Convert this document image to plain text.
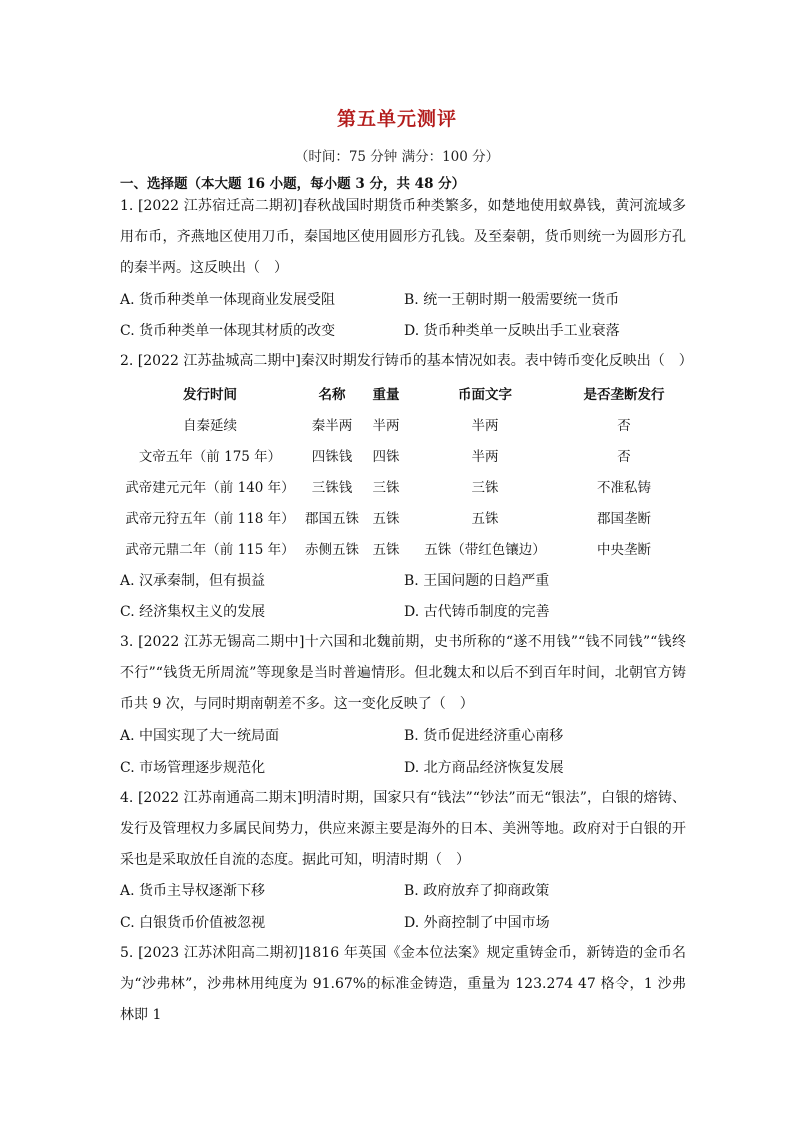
第五单元测评
（时间：75 分钟 满分：100 分）
一、选择题（本大题 16 小题，每小题 3 分，共 48 分）
1. [2022 江苏宿迁高二期初]春秋战国时期货币种类繁多，如楚地使用蚁鼻钱，黄河流域多用布币，齐燕地区使用刀币，秦国地区使用圆形方孔钱。及至秦朝，货币则统一为圆形方孔的秦半两。这反映出（　）
A. 货币种类单一体现商业发展受阻	B. 统一王朝时期一般需要统一货币
C. 货币种类单一体现其材质的改变	D. 货币种类单一反映出手工业衰落
2. [2022 江苏盐城高二期中]秦汉时期发行铸币的基本情况如表。表中铸币变化反映出（　）
发行时间	名称	重量	币面文字	是否垄断发行
自秦延续	秦半两	半两	半两	否
文帝五年（前 175 年）	四铢钱	四铢	半两	否
武帝建元元年（前 140 年）	三铢钱	三铢	三铢	不准私铸
武帝元狩五年（前 118 年）	郡国五铢	五铢	五铢	郡国垄断
武帝元鼎二年（前 115 年）	赤侧五铢	五铢	五铢（带红色镶边）	中央垄断
A. 汉承秦制，但有损益	B. 王国问题的日趋严重
C. 经济集权主义的发展	D. 古代铸币制度的完善
3. [2022 江苏无锡高二期中]十六国和北魏前期，史书所称的“遂不用钱”“钱不同钱”“钱终不行”“钱货无所周流”等现象是当时普遍情形。但北魏太和以后不到百年时间，北朝官方铸币共 9 次，与同时期南朝差不多。这一变化反映了（　）
A. 中国实现了大一统局面	B. 货币促进经济重心南移
C. 市场管理逐步规范化	D. 北方商品经济恢复发展
4. [2022 江苏南通高二期末]明清时期，国家只有“钱法”“钞法”而无“银法”，白银的熔铸、发行及管理权力多属民间势力，供应来源主要是海外的日本、美洲等地。政府对于白银的开采也是采取放任自流的态度。据此可知，明清时期（　）
A. 货币主导权逐渐下移	B. 政府放弃了抑商政策
C. 白银货币价值被忽视	D. 外商控制了中国市场
5. [2023 江苏沭阳高二期初]1816 年英国《金本位法案》规定重铸金币，新铸造的金币名为“沙弗林”，沙弗林用纯度为 91.67%的标准金铸造，重量为 123.274 47 格令，1 沙弗林即 1
